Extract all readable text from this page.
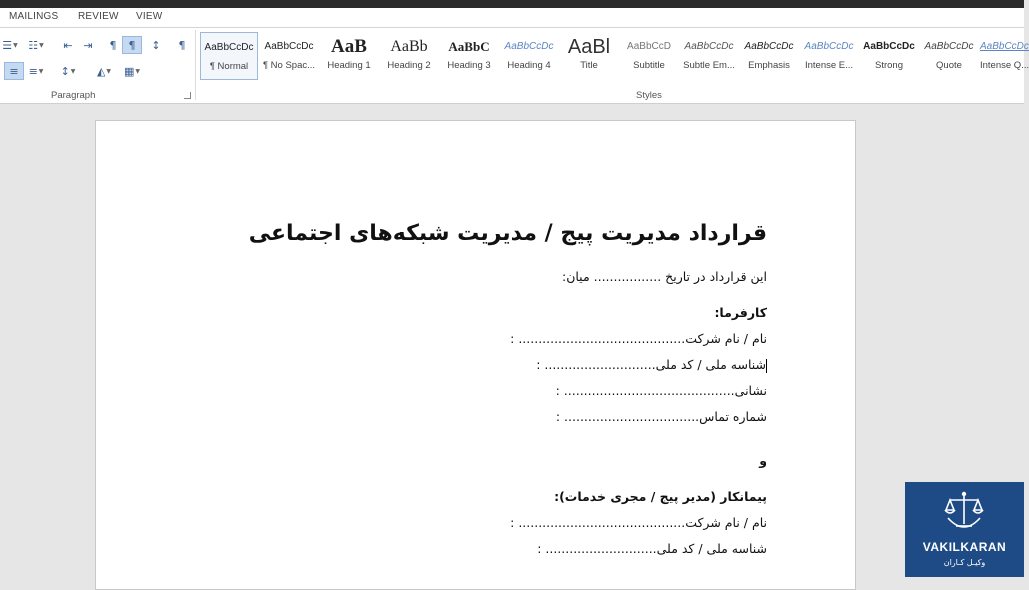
MAILINGS REVIEW VIEW
☰ ▼ ☷ ▼ ⇤ ⇥ ¶ ¶ ↕ ¶
≡ ≡ ▼ ↕ ▼ ◭ ▼ ▦ ▼
Paragraph
AaBbCcDc
¶ Normal
AaBbCcDc
¶ No Spac...
AaB
Heading 1
AaBb
Heading 2
AaBbC
Heading 3
AaBbCcDc
Heading 4
AaBl
Title
AaBbCcD
Subtitle
AaBbCcDc
Subtle Em...
AaBbCcDc
Emphasis
AaBbCcDc
Intense E...
AaBbCcDc
Strong
AaBbCcDc
Quote
AaBbCcDc
Intense Q...
Styles
قرارداد مدیریت پیج / مدیریت شبکه‌های اجتماعی
این قرارداد در تاریخ ................. میان:
کارفرما:
نام / نام شرکت.......................................... :
شناسه ملی / کد ملی............................ :
نشانی........................................... :
شماره تماس.................................. :
و
پیمانکار (مدیر پیج / مجری خدمات):
نام / نام شرکت.......................................... :
شناسه ملی / کد ملی............................ :	VAKILKARAN
وکیـل کـاران
